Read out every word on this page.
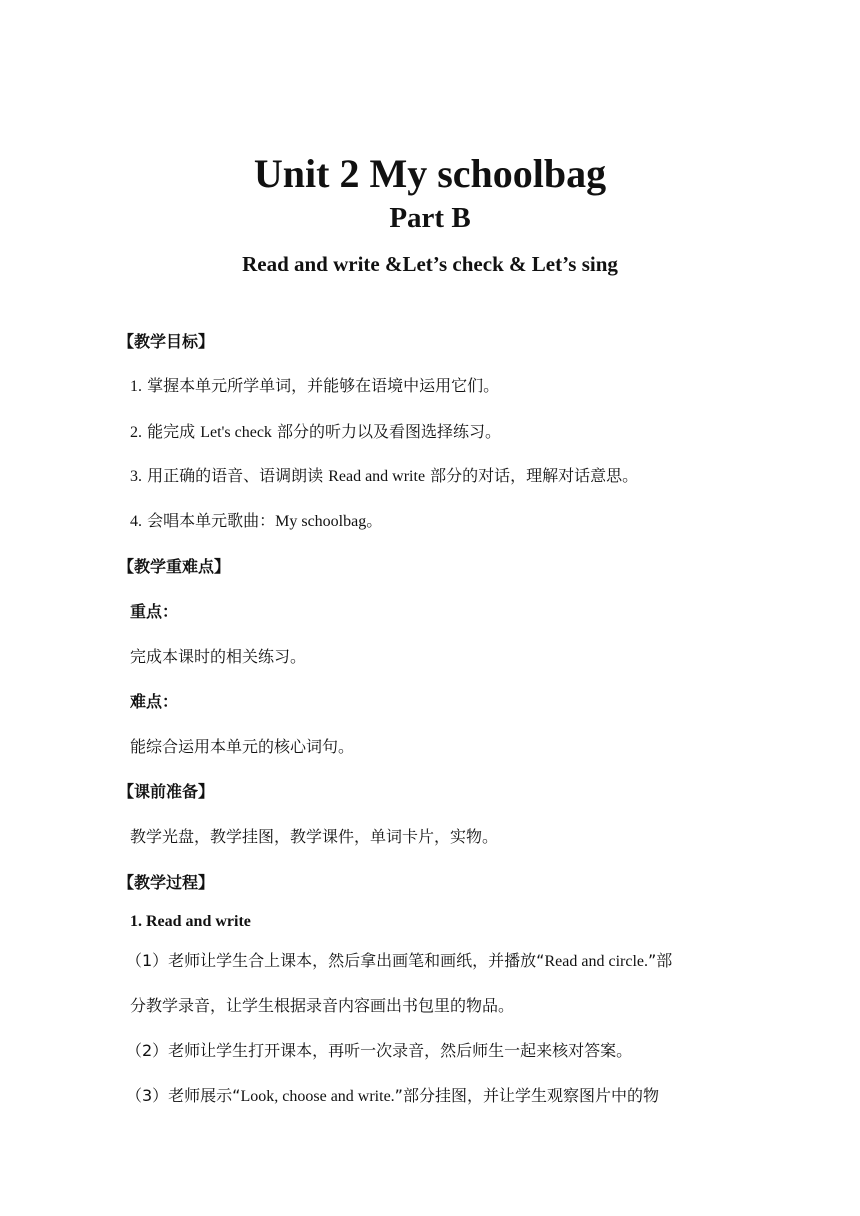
Unit 2 My schoolbag
Part B
Read and write &Let’s check & Let’s sing

【教学目标】

1. 掌握本单元所学单词，并能够在语境中运用它们。

2. 能完成 Let's check 部分的听力以及看图选择练习。

3. 用正确的语音、语调朗读 Read and write 部分的对话，理解对话意思。

4. 会唱本单元歌曲：My schoolbag。

【教学重难点】

重点：

完成本课时的相关练习。

难点：

能综合运用本单元的核心词句。

【课前准备】

教学光盘，教学挂图，教学课件，单词卡片，实物。

【教学过程】

1. Read and write

（1）老师让学生合上课本，然后拿出画笔和画纸，并播放“Read and circle.”部

分教学录音，让学生根据录音内容画出书包里的物品。

（2）老师让学生打开课本，再听一次录音，然后师生一起来核对答案。

（3）老师展示“Look, choose and write.”部分挂图，并让学生观察图片中的物
